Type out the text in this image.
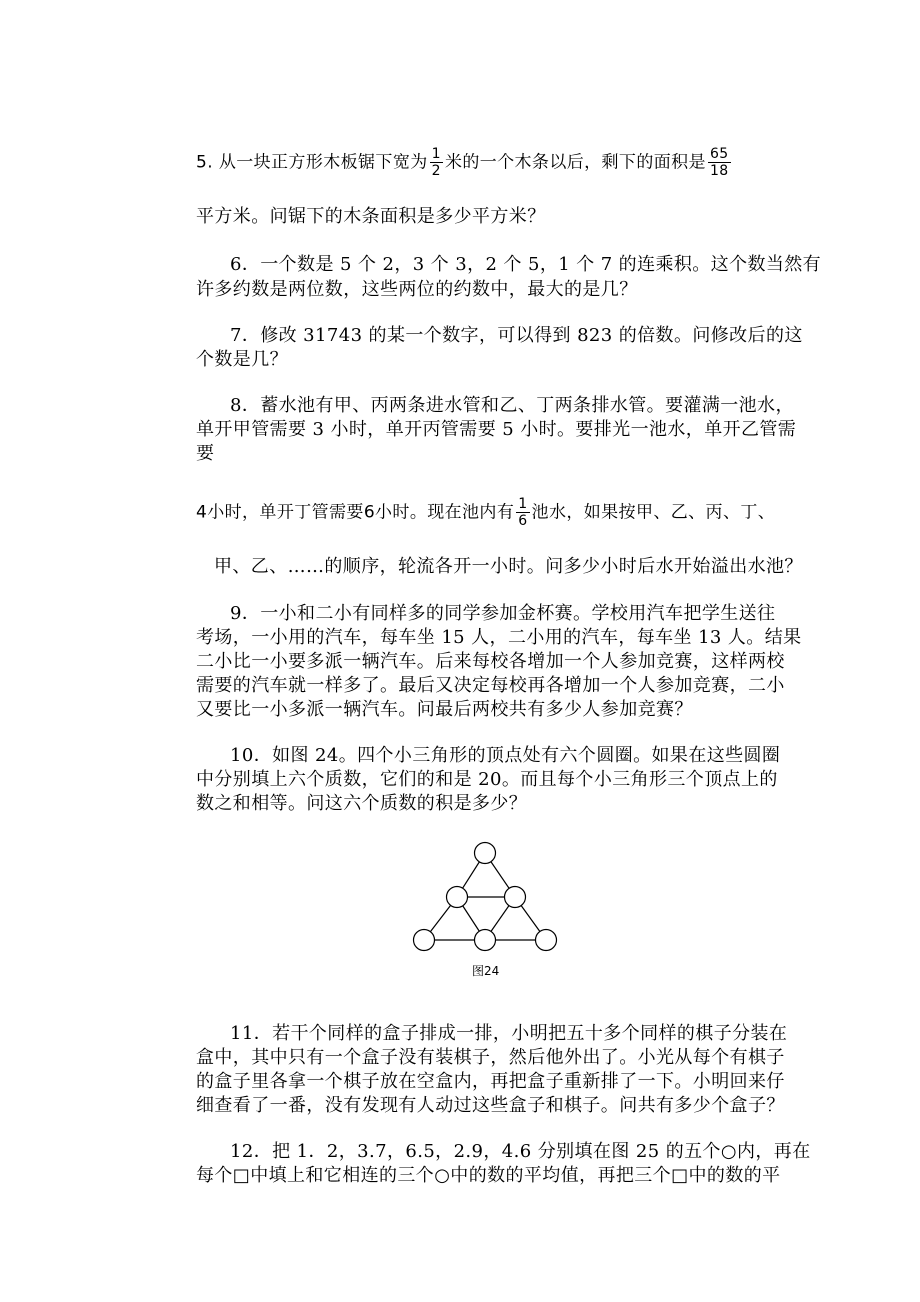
5. 从一块正方形木板锯下宽为 $\frac{1}{2}$ 米的一个木条以后，剩下的面积是 $\frac{65}{18}$
平方米。问锯下的木条面积是多少平方米？
6．一个数是 5 个 2，3 个 3，2 个 5，1 个 7 的连乘积。这个数当然有
许多约数是两位数，这些两位的约数中，最大的是几？
7．修改 31743 的某一个数字，可以得到 823 的倍数。问修改后的这
个数是几？
8．蓄水池有甲、丙两条进水管和乙、丁两条排水管。要灌满一池水，
单开甲管需要 3 小时，单开丙管需要 5 小时。要排光一池水，单开乙管需
要
4小时，单开丁管需要6小时。现在池内有 $\frac{1}{6}$ 池水，如果按甲、乙、丙、丁、
甲、乙、……的顺序，轮流各开一小时。问多少小时后水开始溢出水池？
9．一小和二小有同样多的同学参加金杯赛。学校用汽车把学生送往
考场，一小用的汽车，每车坐 15 人，二小用的汽车，每车坐 13 人。结果
二小比一小要多派一辆汽车。后来每校各增加一个人参加竞赛，这样两校
需要的汽车就一样多了。最后又决定每校再各增加一个人参加竞赛，二小
又要比一小多派一辆汽车。问最后两校共有多少人参加竞赛？
10．如图 24。四个小三角形的顶点处有六个圆圈。如果在这些圆圈
中分别填上六个质数，它们的和是 20。而且每个小三角形三个顶点上的
数之和相等。问这六个质数的积是多少？
图24
11．若干个同样的盒子排成一排，小明把五十多个同样的棋子分装在
盒中，其中只有一个盒子没有装棋子，然后他外出了。小光从每个有棋子
的盒子里各拿一个棋子放在空盒内，再把盒子重新排了一下。小明回来仔
细查看了一番，没有发现有人动过这些盒子和棋子。问共有多少个盒子？
12．把 1．2，3.7，6.5，2.9，4.6 分别填在图 25 的五个○内，再在
每个□中填上和它相连的三个○中的数的平均值，再把三个□中的数的平
